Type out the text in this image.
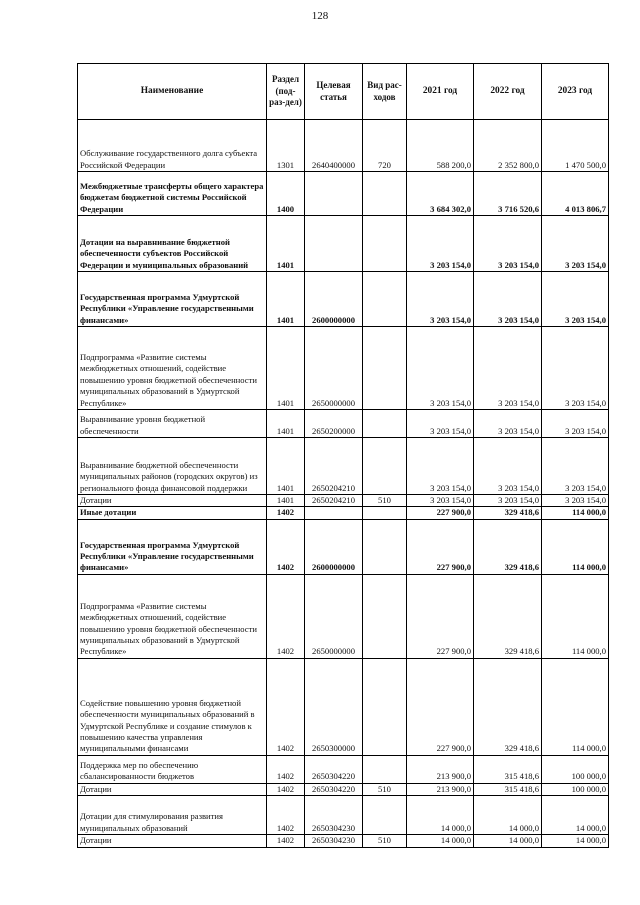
128
Наименование	Раздел (под-раз-дел)	Целевая статья	Вид рас-ходов	2021 год	2022 год	2023 год
Обслуживание государственного долга субъекта Российской Федерации	1301	2640400000	720	588 200,0	2 352 800,0	1 470 500,0
Межбюджетные трансферты общего характера бюджетам бюджетной системы Российской Федерации	1400			3 684 302,0	3 716 520,6	4 013 806,7
Дотации на выравнивание бюджетной обеспеченности субъектов Российской Федерации и муниципальных образований	1401			3 203 154,0	3 203 154,0	3 203 154,0
Государственная программа Удмуртской Республики «Управление государственными финансами»	1401	2600000000		3 203 154,0	3 203 154,0	3 203 154,0
Подпрограмма «Развитие системы межбюджетных отношений, содействие повышению уровня бюджетной обеспеченности муниципальных образований в Удмуртской Республике»	1401	2650000000		3 203 154,0	3 203 154,0	3 203 154,0
Выравнивание уровня бюджетной обеспеченности	1401	2650200000		3 203 154,0	3 203 154,0	3 203 154,0
Выравнивание бюджетной обеспеченности муниципальных районов (городских округов) из регионального фонда финансовой поддержки	1401	2650204210		3 203 154,0	3 203 154,0	3 203 154,0
Дотации	1401	2650204210	510	3 203 154,0	3 203 154,0	3 203 154,0
Иные дотации	1402			227 900,0	329 418,6	114 000,0
Государственная программа Удмуртской Республики «Управление государственными финансами»	1402	2600000000		227 900,0	329 418,6	114 000,0
Подпрограмма «Развитие системы межбюджетных отношений, содействие повышению уровня бюджетной обеспеченности муниципальных образований в Удмуртской Республике»	1402	2650000000		227 900,0	329 418,6	114 000,0
Содействие повышению уровня бюджетной обеспеченности муниципальных образований в Удмуртской Республике и создание стимулов к повышению качества управления муниципальными финансами	1402	2650300000		227 900,0	329 418,6	114 000,0
Поддержка мер по обеспечению сбалансированности бюджетов	1402	2650304220		213 900,0	315 418,6	100 000,0
Дотации	1402	2650304220	510	213 900,0	315 418,6	100 000,0
Дотации для стимулирования развития муниципальных образований	1402	2650304230		14 000,0	14 000,0	14 000,0
Дотации	1402	2650304230	510	14 000,0	14 000,0	14 000,0
